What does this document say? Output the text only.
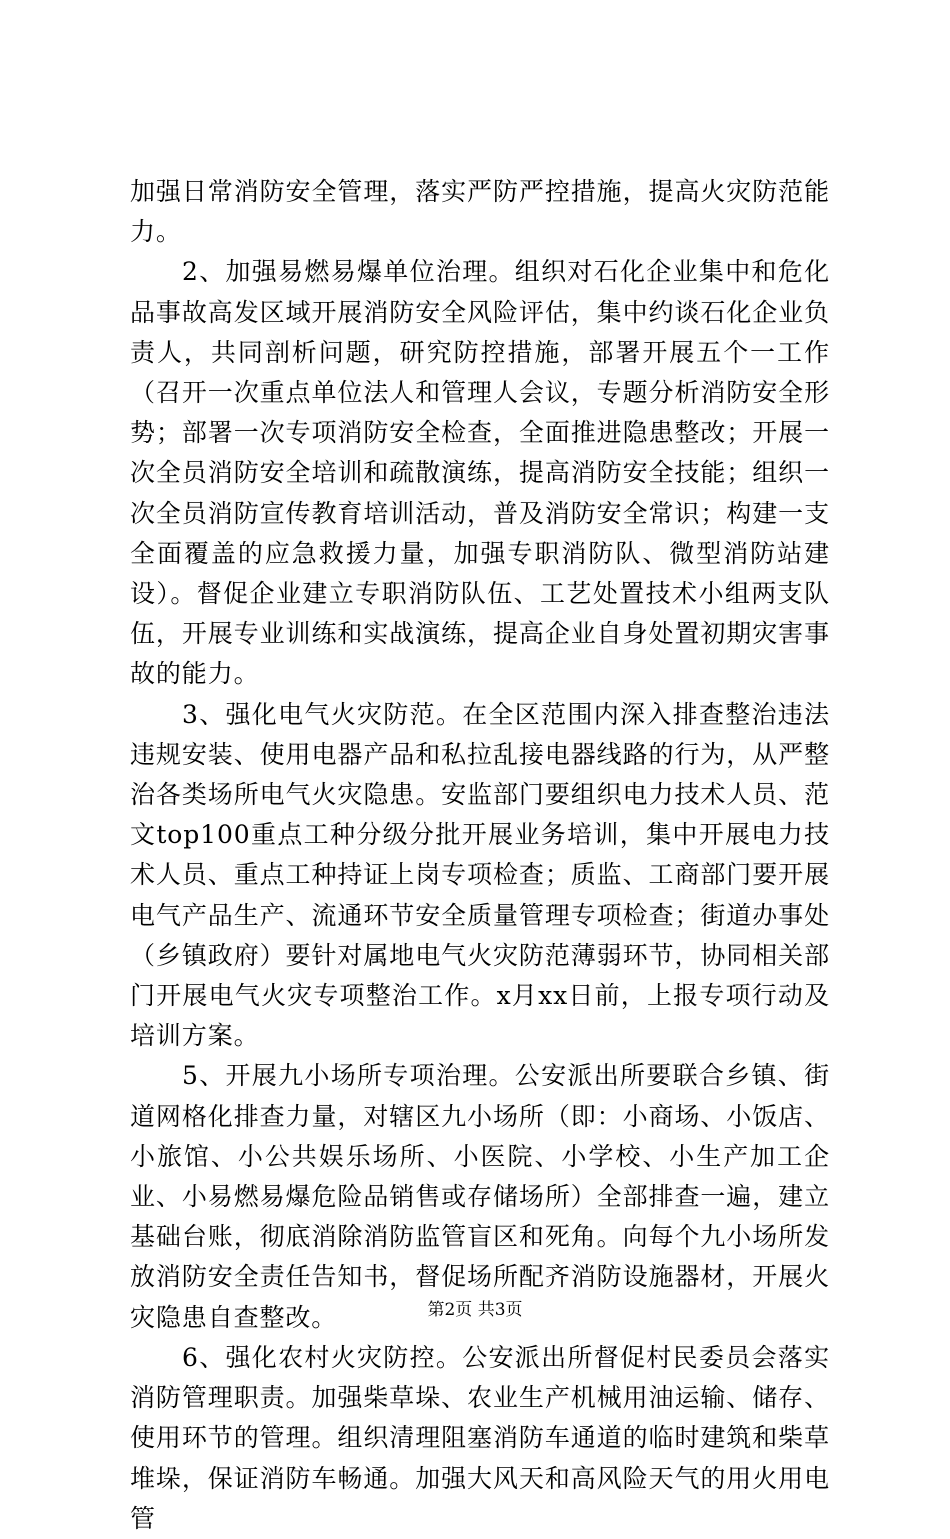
加强日常消防安全管理，落实严防严控措施，提高火灾防范能力。

2、加强易燃易爆单位治理。组织对石化企业集中和危化品事故高发区域开展消防安全风险评估，集中约谈石化企业负责人，共同剖析问题，研究防控措施，部署开展五个一工作（召开一次重点单位法人和管理人会议，专题分析消防安全形势；部署一次专项消防安全检查，全面推进隐患整改；开展一次全员消防安全培训和疏散演练，提高消防安全技能；组织一次全员消防宣传教育培训活动，普及消防安全常识；构建一支全面覆盖的应急救援力量，加强专职消防队、微型消防站建设）。督促企业建立专职消防队伍、工艺处置技术小组两支队伍，开展专业训练和实战演练，提高企业自身处置初期灾害事故的能力。

3、强化电气火灾防范。在全区范围内深入排查整治违法违规安装、使用电器产品和私拉乱接电器线路的行为，从严整治各类场所电气火灾隐患。安监部门要组织电力技术人员、范文top100重点工种分级分批开展业务培训，集中开展电力技术人员、重点工种持证上岗专项检查；质监、工商部门要开展电气产品生产、流通环节安全质量管理专项检查；街道办事处（乡镇政府）要针对属地电气火灾防范薄弱环节，协同相关部门开展电气火灾专项整治工作。x月xx日前，上报专项行动及培训方案。

5、开展九小场所专项治理。公安派出所要联合乡镇、街道网格化排查力量，对辖区九小场所（即：小商场、小饭店、小旅馆、小公共娱乐场所、小医院、小学校、小生产加工企业、小易燃易爆危险品销售或存储场所）全部排查一遍，建立基础台账，彻底消除消防监管盲区和死角。向每个九小场所发放消防安全责任告知书，督促场所配齐消防设施器材，开展火灾隐患自查整改。

6、强化农村火灾防控。公安派出所督促村民委员会落实消防管理职责。加强柴草垛、农业生产机械用油运输、储存、使用环节的管理。组织清理阻塞消防车通道的临时建筑和柴草堆垛，保证消防车畅通。加强大风天和高风险天气的用火用电管

第2页 共3页
